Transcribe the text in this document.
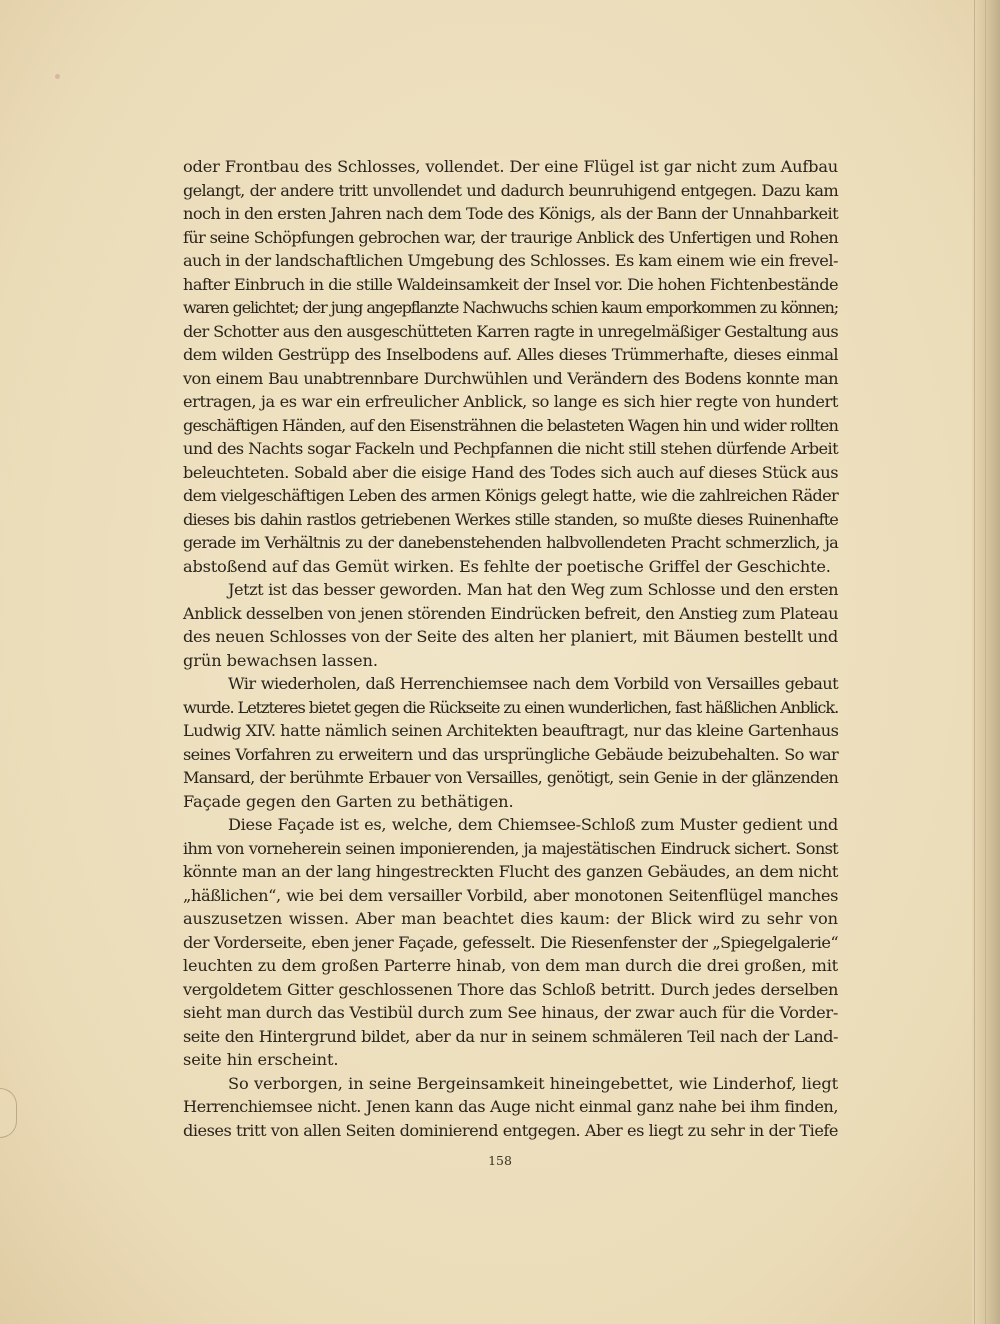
oder Frontbau des Schlosses, vollendet. Der eine Flügel ist gar nicht zum Aufbau
gelangt, der andere tritt unvollendet und dadurch beunruhigend entgegen. Dazu kam
noch in den ersten Jahren nach dem Tode des Königs, als der Bann der Unnahbarkeit
für seine Schöpfungen gebrochen war, der traurige Anblick des Unfertigen und Rohen
auch in der landschaftlichen Umgebung des Schlosses. Es kam einem wie ein frevel-
hafter Einbruch in die stille Waldeinsamkeit der Insel vor. Die hohen Fichtenbestände
waren gelichtet; der jung angepflanzte Nachwuchs schien kaum emporkommen zu können;
der Schotter aus den ausgeschütteten Karren ragte in unregelmäßiger Gestaltung aus
dem wilden Gestrüpp des Inselbodens auf. Alles dieses Trümmerhafte, dieses einmal
von einem Bau unabtrennbare Durchwühlen und Verändern des Bodens konnte man
ertragen, ja es war ein erfreulicher Anblick, so lange es sich hier regte von hundert
geschäftigen Händen, auf den Eisensträhnen die belasteten Wagen hin und wider rollten
und des Nachts sogar Fackeln und Pechpfannen die nicht still stehen dürfende Arbeit
beleuchteten. Sobald aber die eisige Hand des Todes sich auch auf dieses Stück aus
dem vielgeschäftigen Leben des armen Königs gelegt hatte, wie die zahlreichen Räder
dieses bis dahin rastlos getriebenen Werkes stille standen, so mußte dieses Ruinenhafte
gerade im Verhältnis zu der danebenstehenden halbvollendeten Pracht schmerzlich, ja
abstoßend auf das Gemüt wirken. Es fehlte der poetische Griffel der Geschichte.
Jetzt ist das besser geworden. Man hat den Weg zum Schlosse und den ersten
Anblick desselben von jenen störenden Eindrücken befreit, den Anstieg zum Plateau
des neuen Schlosses von der Seite des alten her planiert, mit Bäumen bestellt und
grün bewachsen lassen.
Wir wiederholen, daß Herrenchiemsee nach dem Vorbild von Versailles gebaut
wurde. Letzteres bietet gegen die Rückseite zu einen wunderlichen, fast häßlichen Anblick.
Ludwig XIV. hatte nämlich seinen Architekten beauftragt, nur das kleine Gartenhaus
seines Vorfahren zu erweitern und das ursprüngliche Gebäude beizubehalten. So war
Mansard, der berühmte Erbauer von Versailles, genötigt, sein Genie in der glänzenden
Façade gegen den Garten zu bethätigen.
Diese Façade ist es, welche, dem Chiemsee-Schloß zum Muster gedient und
ihm von vorneherein seinen imponierenden, ja majestätischen Eindruck sichert. Sonst
könnte man an der lang hingestreckten Flucht des ganzen Gebäudes, an dem nicht
„häßlichen“, wie bei dem versailler Vorbild, aber monotonen Seitenflügel manches
auszusetzen wissen. Aber man beachtet dies kaum: der Blick wird zu sehr von
der Vorderseite, eben jener Façade, gefesselt. Die Riesenfenster der „Spiegelgalerie“
leuchten zu dem großen Parterre hinab, von dem man durch die drei großen, mit
vergoldetem Gitter geschlossenen Thore das Schloß betritt. Durch jedes derselben
sieht man durch das Vestibül durch zum See hinaus, der zwar auch für die Vorder-
seite den Hintergrund bildet, aber da nur in seinem schmäleren Teil nach der Land-
seite hin erscheint.
So verborgen, in seine Bergeinsamkeit hineingebettet, wie Linderhof, liegt
Herrenchiemsee nicht. Jenen kann das Auge nicht einmal ganz nahe bei ihm finden,
dieses tritt von allen Seiten dominierend entgegen. Aber es liegt zu sehr in der Tiefe
158
